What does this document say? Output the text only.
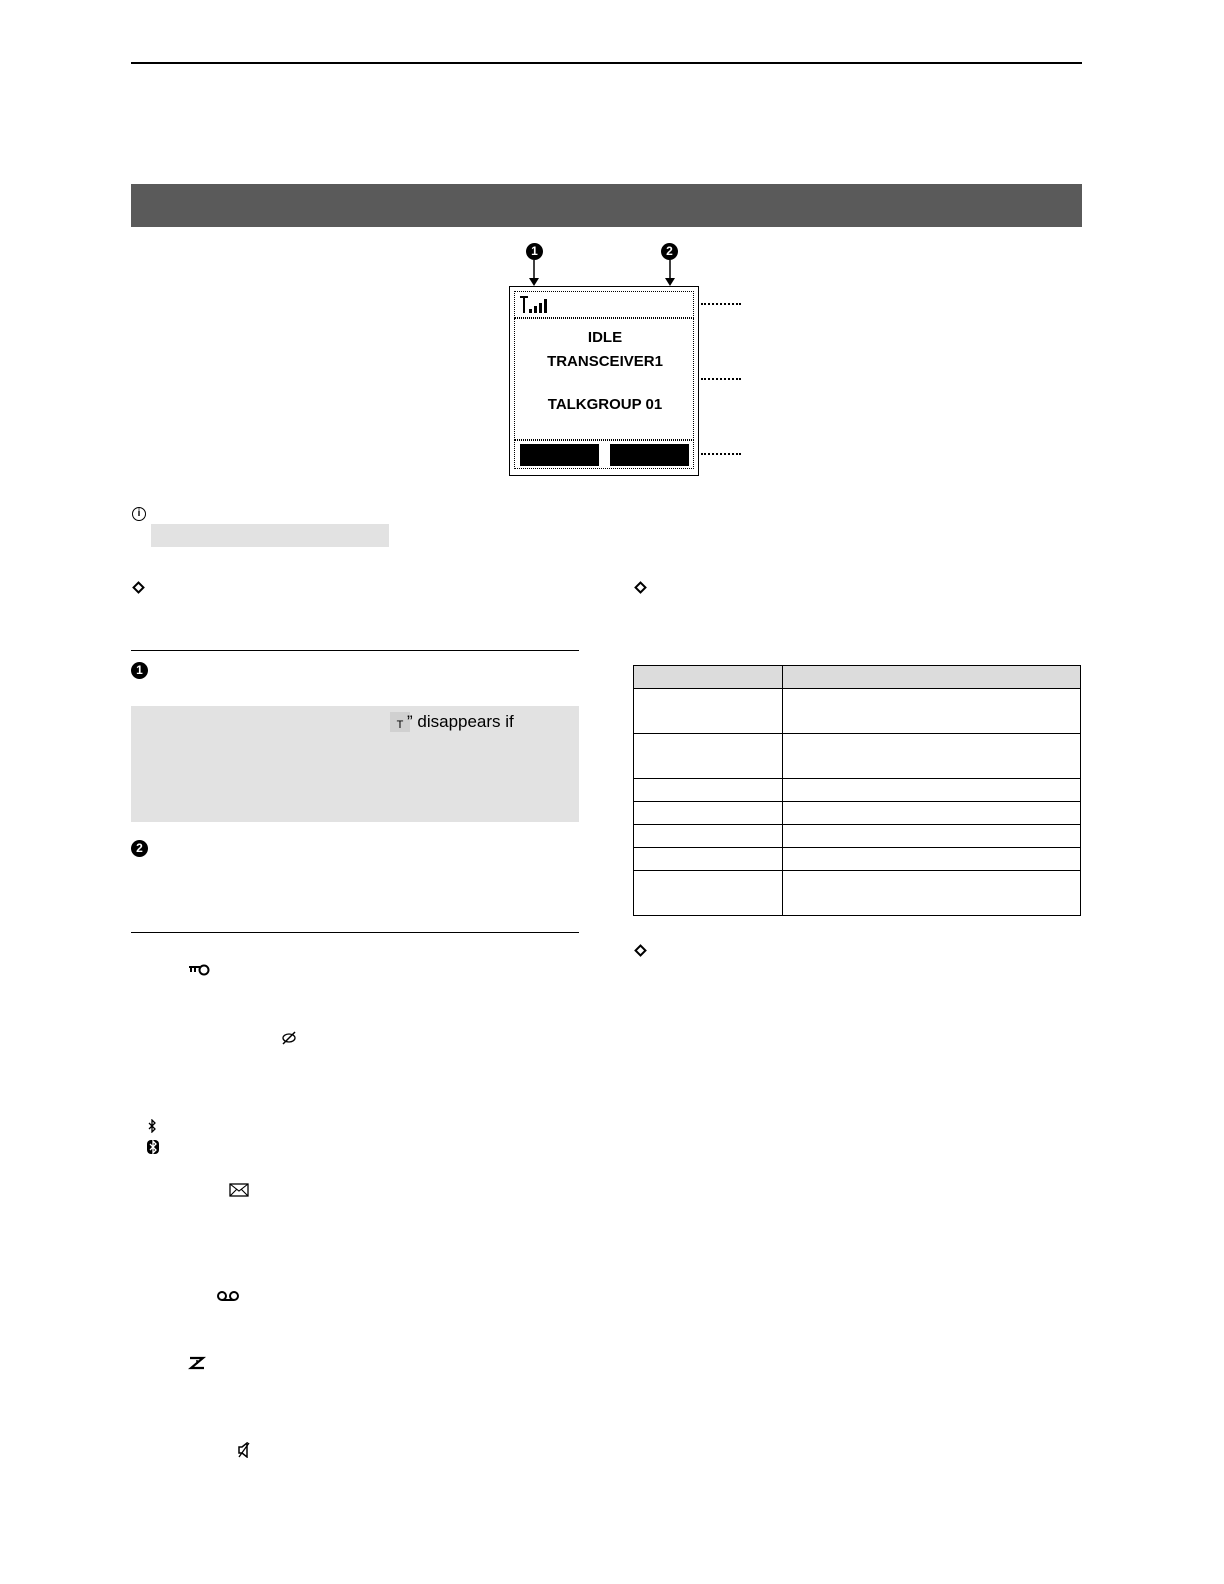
1	2
IDLE
TRANSCEIVER1
TALKGROUP 01
i
1
T ” disappears if
2
